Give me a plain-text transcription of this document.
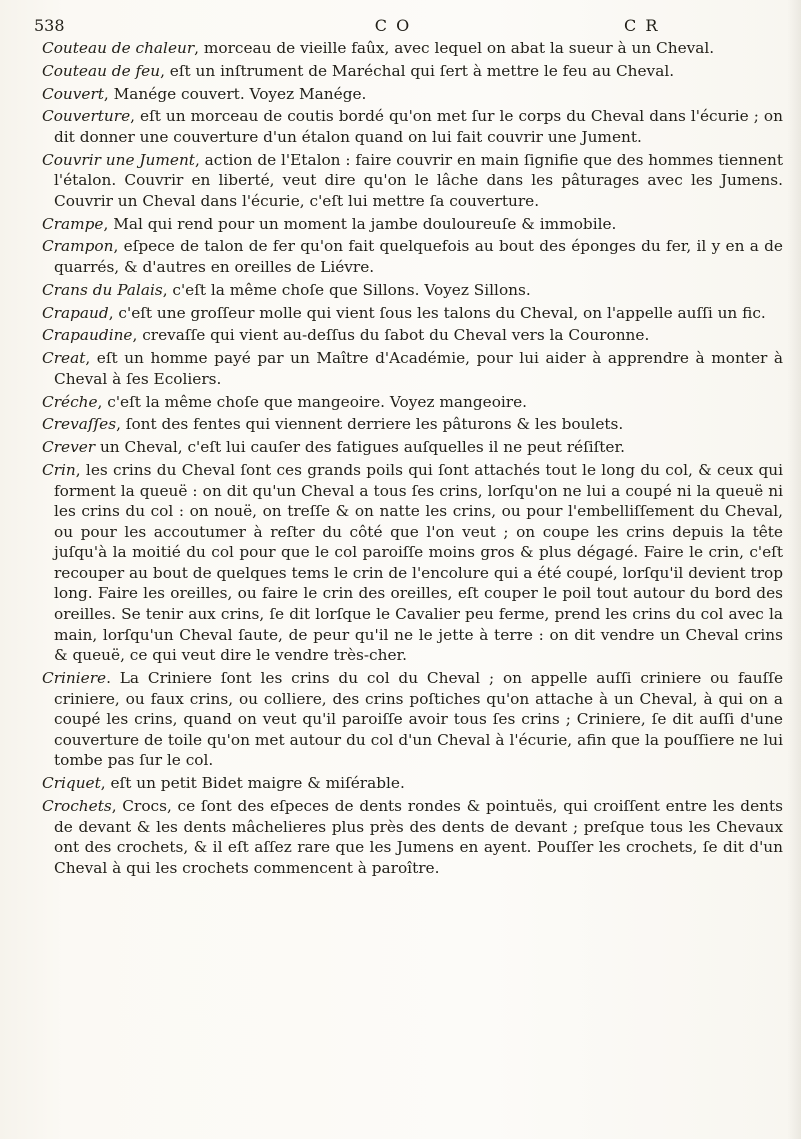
538	C O	C R

Couteau de chaleur, morceau de vieille faûx, avec lequel on abat la sueur à un Cheval.

Couteau de feu, eſt un inſtrument de Maréchal qui ſert à mettre le feu au Cheval.

Couvert, Manége couvert. Voyez Manége.

Couverture, eſt un morceau de coutis bordé qu'on met ſur le corps du Cheval dans l'écurie ; on dit donner une couverture d'un étalon quand on lui fait couvrir une Jument.

Couvrir une Jument, action de l'Etalon : faire couvrir en main ſignifie que des hommes tiennent l'étalon. Couvrir en liberté, veut dire qu'on le lâche dans les pâturages avec les Jumens. Couvrir un Cheval dans l'écurie, c'eſt lui mettre ſa couverture.

Crampe, Mal qui rend pour un moment la jambe douloureuſe & immobile.

Crampon, eſpece de talon de fer qu'on fait quelquefois au bout des éponges du fer, il y en a de quarrés, & d'autres en oreilles de Liévre.

Crans du Palais, c'eſt la même choſe que Sillons. Voyez Sillons.

Crapaud, c'eſt une groſſeur molle qui vient ſous les talons du Cheval, on l'appelle auſſi un fic.

Crapaudine, crevaſſe qui vient au-deſſus du ſabot du Cheval vers la Couronne.

Creat, eſt un homme payé par un Maître d'Académie, pour lui aider à apprendre à monter à Cheval à ſes Ecoliers.

Créche, c'eſt la même choſe que mangeoire. Voyez mangeoire.

Crevaſſes, ſont des fentes qui viennent derriere les pâturons & les boulets.

Crever un Cheval, c'eſt lui cauſer des fatigues auſquelles il ne peut réſiſter.

Crin, les crins du Cheval ſont ces grands poils qui ſont attachés tout le long du col, & ceux qui forment la queuë : on dit qu'un Cheval a tous ſes crins, lorſqu'on ne lui a coupé ni la queuë ni les crins du col : on nouë, on treſſe & on natte les crins, ou pour l'embelliſſement du Cheval, ou pour les accoutumer à reſter du côté que l'on veut ; on coupe les crins depuis la tête juſqu'à la moitié du col pour que le col paroiſſe moins gros & plus dégagé. Faire le crin, c'eſt recouper au bout de quelques tems le crin de l'encolure qui a été coupé, lorſqu'il devient trop long. Faire les oreilles, ou faire le crin des oreilles, eſt couper le poil tout autour du bord des oreilles. Se tenir aux crins, ſe dit lorſque le Cavalier peu ferme, prend les crins du col avec la main, lorſqu'un Cheval ſaute, de peur qu'il ne le jette à terre : on dit vendre un Cheval crins & queuë, ce qui veut dire le vendre très-cher.

Criniere. La Criniere ſont les crins du col du Cheval ; on appelle auſſi criniere ou fauſſe criniere, ou faux crins, ou colliere, des crins poſtiches qu'on attache à un Cheval, à qui on a coupé les crins, quand on veut qu'il paroiſſe avoir tous ſes crins ; Criniere, ſe dit auſſi d'une couverture de toile qu'on met autour du col d'un Cheval à l'écurie, afin que la pouſſiere ne lui tombe pas ſur le col.

Criquet, eſt un petit Bidet maigre & miſérable.

Crochets, Crocs, ce ſont des eſpeces de dents rondes & pointuës, qui croiſſent entre les dents de devant & les dents mâchelieres plus près des dents de devant ; preſque tous les Chevaux ont des crochets, & il eſt aſſez rare que les Jumens en ayent. Pouſſer les crochets, ſe dit d'un Cheval à qui les crochets commencent à paroître.
